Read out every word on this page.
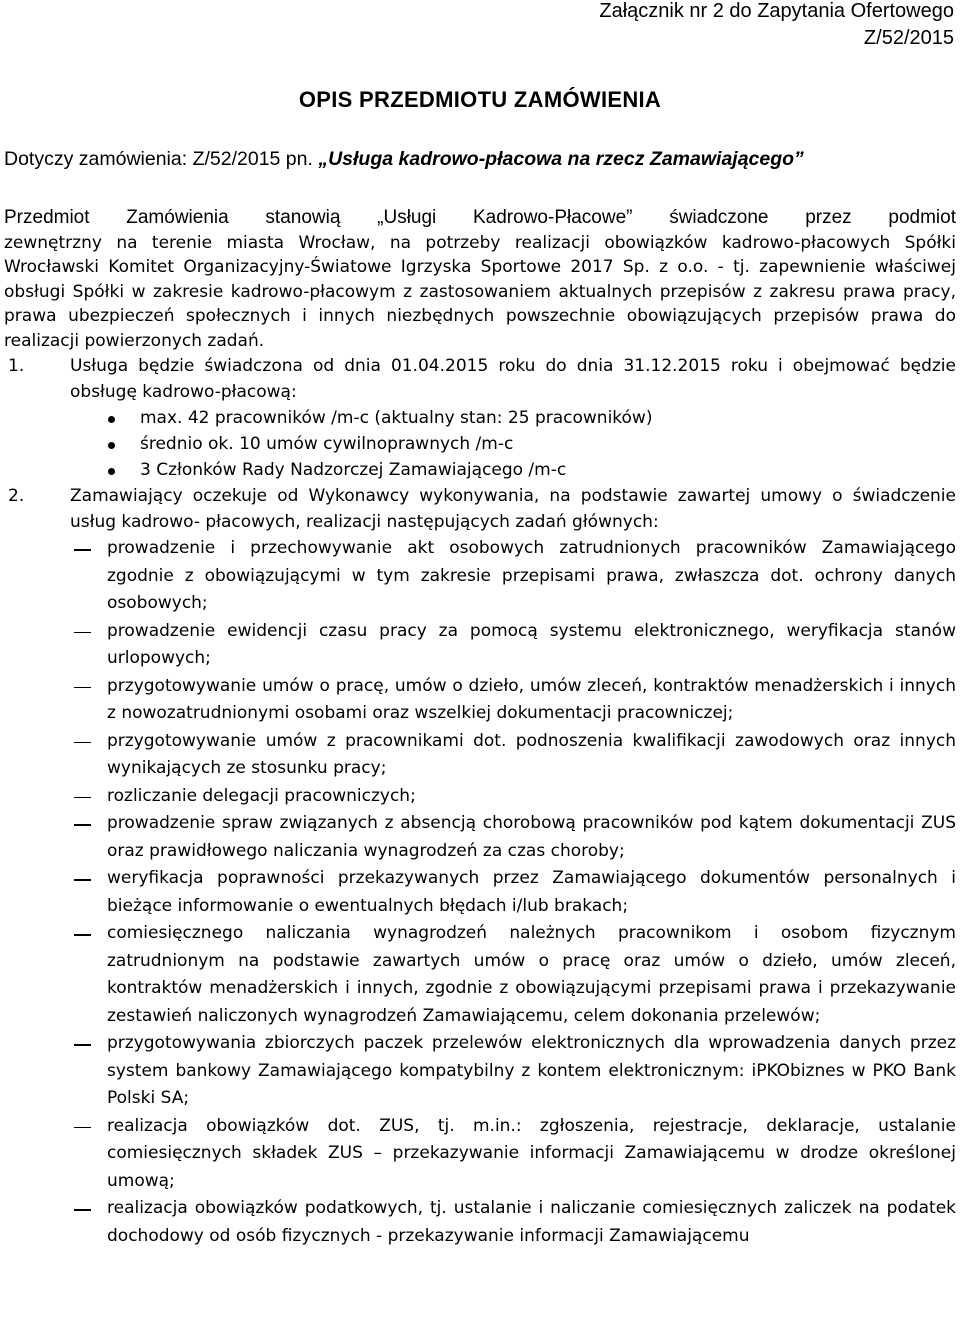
Załącznik nr 2 do Zapytania Ofertowego
Z/52/2015
OPIS PRZEDMIOTU ZAMÓWIENIA
Dotyczy zamówienia: Z/52/2015 pn. „Usługa kadrowo-płacowa na rzecz Zamawiającego”
Przedmiot Zamówienia stanowią „Usługi Kadrowo-Płacowe” świadczone przez podmiot
zewnętrzny na terenie miasta Wrocław, na potrzeby realizacji obowiązków kadrowo-płacowych Spółki Wrocławski Komitet Organizacyjny-Światowe Igrzyska Sportowe 2017 Sp. z o.o. - tj. zapewnienie właściwej obsługi Spółki w zakresie kadrowo-płacowym z zastosowaniem aktualnych przepisów z zakresu prawa pracy, prawa ubezpieczeń społecznych i innych niezbędnych powszechnie obowiązujących przepisów prawa do realizacji powierzonych zadań.
1.	Usługa będzie świadczona od dnia 01.04.2015 roku do dnia 31.12.2015 roku i obejmować będzie obsługę kadrowo-płacową:
max. 42 pracowników /m-c (aktualny stan: 25 pracowników)
średnio ok. 10 umów cywilnoprawnych /m-c
3 Członków Rady Nadzorczej Zamawiającego /m-c
2.	Zamawiający oczekuje od Wykonawcy wykonywania, na podstawie zawartej umowy o świadczenie usług kadrowo- płacowych, realizacji następujących zadań głównych:
prowadzenie i przechowywanie akt osobowych zatrudnionych pracowników Zamawiającego zgodnie z obowiązującymi w tym zakresie przepisami prawa, zwłaszcza dot. ochrony danych osobowych;
prowadzenie ewidencji czasu pracy za pomocą systemu elektronicznego, weryfikacja stanów urlopowych;
przygotowywanie umów o pracę, umów o dzieło, umów zleceń, kontraktów menadżerskich i innych z nowozatrudnionymi osobami oraz wszelkiej dokumentacji pracowniczej;
przygotowywanie umów z pracownikami dot. podnoszenia kwalifikacji zawodowych oraz innych wynikających ze stosunku pracy;
rozliczanie delegacji pracowniczych;
prowadzenie spraw związanych z absencją chorobową pracowników pod kątem dokumentacji ZUS oraz prawidłowego naliczania wynagrodzeń za czas choroby;
weryfikacja poprawności przekazywanych przez Zamawiającego dokumentów personalnych i bieżące informowanie o ewentualnych błędach i/lub brakach;
comiesięcznego naliczania wynagrodzeń należnych pracownikom i osobom fizycznym zatrudnionym na podstawie zawartych umów o pracę oraz umów o dzieło, umów zleceń, kontraktów menadżerskich i innych, zgodnie z obowiązującymi przepisami prawa i przekazywanie zestawień naliczonych wynagrodzeń Zamawiającemu, celem dokonania przelewów;
przygotowywania zbiorczych paczek przelewów elektronicznych dla wprowadzenia danych przez system bankowy Zamawiającego kompatybilny z kontem elektronicznym: iPKObiznes w PKO Bank Polski SA;
realizacja obowiązków dot. ZUS, tj. m.in.: zgłoszenia, rejestracje, deklaracje, ustalanie comiesięcznych składek ZUS – przekazywanie informacji Zamawiającemu w drodze określonej umową;
realizacja obowiązków podatkowych, tj. ustalanie i naliczanie comiesięcznych zaliczek na podatek dochodowy od osób fizycznych - przekazywanie informacji Zamawiającemu
